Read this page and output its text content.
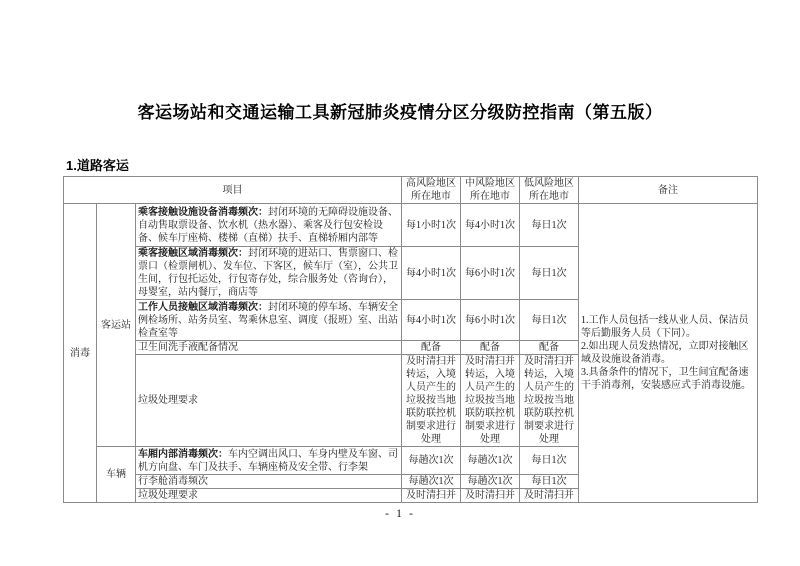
客运场站和交通运输工具新冠肺炎疫情分区分级防控指南（第五版）
1.道路客运
项目			高风险地区所在地市	中风险地区所在地市	低风险地区所在地市	备注
消毒	客运站	乘客接触设施设备消毒频次：封闭环境的无障碍设施设备、自动售取票设备、饮水机（热水器）、乘客及行包安检设备、候车厅座椅、楼梯（直梯）扶手、直梯轿厢内部等	每1小时1次	每4小时1次	每日1次	1.工作人员包括一线从业人员、保洁员等后勤服务人员（下同）。

2.如出现人员发热情况，立即对接触区域及设施设备消毒。

3.具备条件的情况下，卫生间宜配备速干手消毒剂，安装感应式手消毒设施。

		乘客接触区域消毒频次：封闭环境的进站口、售票窗口、检票口（检票闸机）、发车位、下客区，候车厅（室），公共卫生间，行包托运处，行包寄存处，综合服务处（咨询台），母婴室，站内餐厅，商店等	每4小时1次	每6小时1次	每日1次	
		工作人员接触区域消毒频次：封闭环境的停车场、车辆安全例检场所、站务员室、驾乘休息室、调度（报班）室、出站检查室等	每4小时1次	每6小时1次	每日1次	
		卫生间洗手液配备情况	配备	配备	配备	
		垃圾处理要求	及时清扫并转运，入境人员产生的垃圾按当地联防联控机制要求进行处理	及时清扫并转运，入境人员产生的垃圾按当地联防联控机制要求进行处理	及时清扫并转运，入境人员产生的垃圾按当地联防联控机制要求进行处理	
	车辆	车厢内部消毒频次：车内空调出风口、车身内壁及车窗、司机方向盘、车门及扶手、车辆座椅及安全带、行李架	每趟次1次	每趟次1次	每日1次	
		行李舱消毒频次	每趟次1次	每趟次1次	每日1次	
		垃圾处理要求	及时清扫并	及时清扫并	及时清扫并	
- 1 -
